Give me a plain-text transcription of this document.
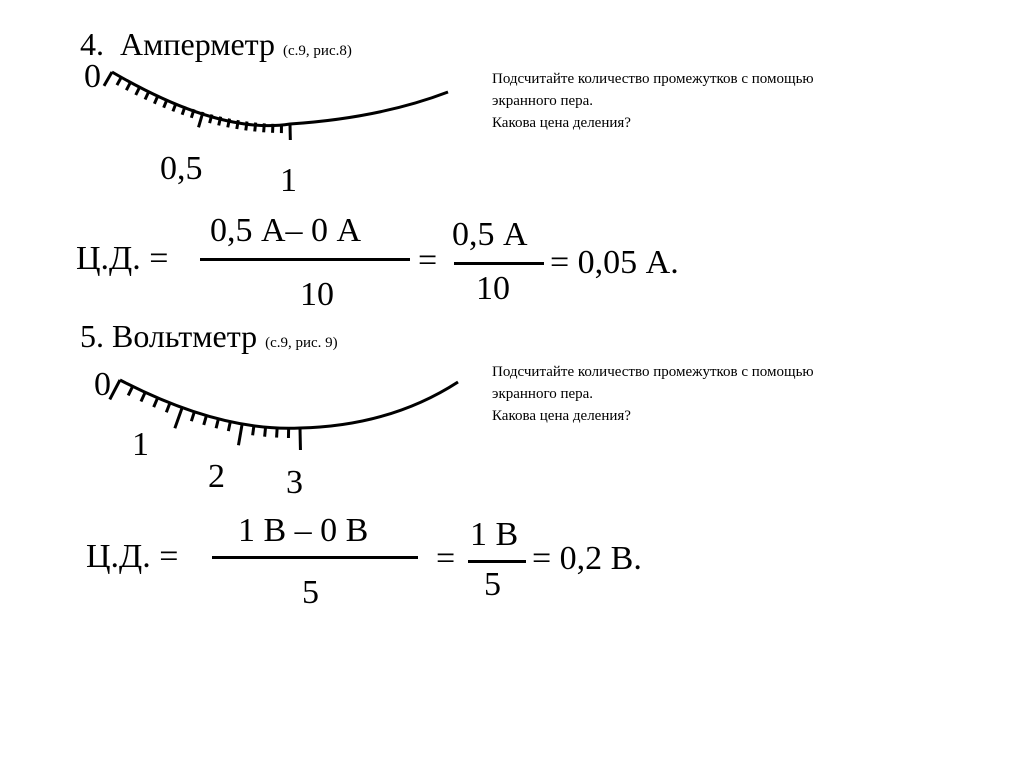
4. Амперметр (с.9, рис.8)
Подсчитайте количество промежутков с помощью
экранного пера.
Какова цена деления?
0
0,5 1
Ц.Д. =
0,5 А– 0 А
10
=
0,5 А
10
= 0,05 А.
5. Вольтметр (с.9, рис. 9)
Подсчитайте количество промежутков с помощью
экранного пера.
Какова цена деления?
0
1
2 3
Ц.Д. =
1 В – 0 В
5
=
1 В
5
= 0,2 В.
